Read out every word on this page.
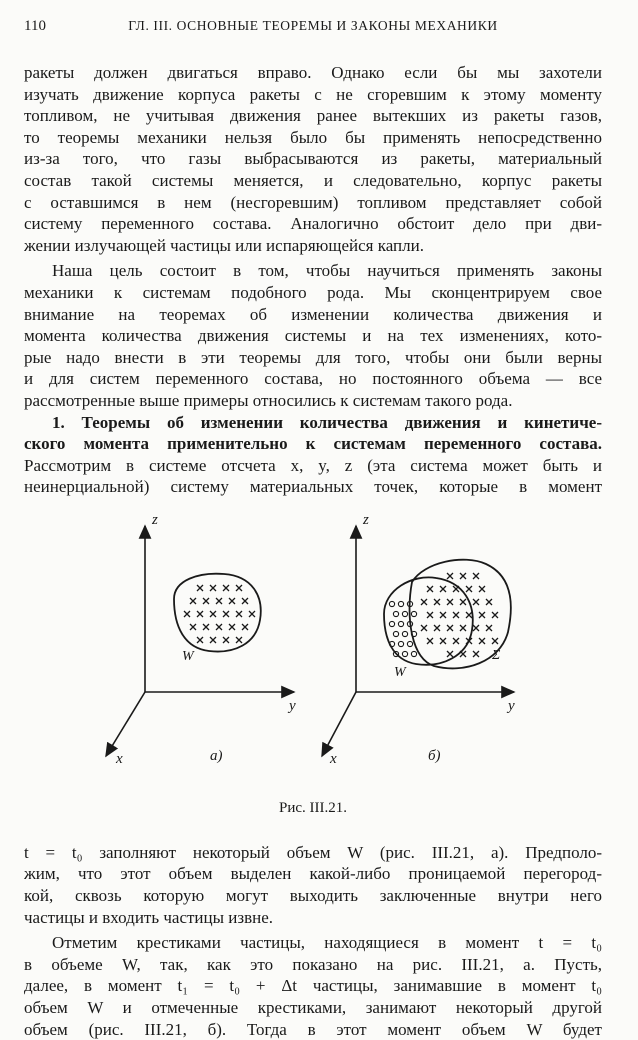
110	ГЛ. III. ОСНОВНЫЕ ТЕОРЕМЫ И ЗАКОНЫ МЕХАНИКИ
ракеты должен двигаться вправо. Однако если бы мы захотели
изучать движение корпуса ракеты с не сгоревшим к этому моменту
топливом, не учитывая движения ранее вытекших из ракеты газов,
то теоремы механики нельзя было бы применять непосредственно
из-за того, что газы выбрасываются из ракеты, материальный
состав такой системы меняется, и следовательно, корпус ракеты
с оставшимся в нем (несгоревшим) топливом представляет собой
систему переменного состава. Аналогично обстоит дело при дви-
жении излучающей частицы или испаряющейся капли.
Наша цель состоит в том, чтобы научиться применять законы
механики к системам подобного рода. Мы сконцентрируем свое
внимание на теоремах об изменении количества движения и
момента количества движения системы и на тех изменениях, кото-
рые надо внести в эти теоремы для того, чтобы они были верны
и для систем переменного состава, но постоянного объема — все
рассмотренные выше примеры относились к системам такого рода.
1. Теоремы об изменении количества движения и кинетиче-
ского момента применительно к системам переменного состава.
Рассмотрим в системе отсчета x, y, z (эта система может быть и
неинерциальной) систему материальных точек, которые в момент
z
y
x
W
а)
z
y
x
W
Σ
б)
Рис. III.21.
t = t₀ заполняют некоторый объем W (рис. III.21, а). Предполо-
жим, что этот объем выделен какой-либо проницаемой перегород-
кой, сквозь которую могут выходить заключенные внутри него
частицы и входить частицы извне.
Отметим крестиками частицы, находящиеся в момент t = t₀
в объеме W, так, как это показано на рис. III.21, а. Пусть,
далее, в момент t₁ = t₀ + Δt частицы, занимавшие в момент t₀
объем W и отмеченные крестиками, занимают некоторый другой
объем (рис. III.21, б). Тогда в этот момент объем W будет
